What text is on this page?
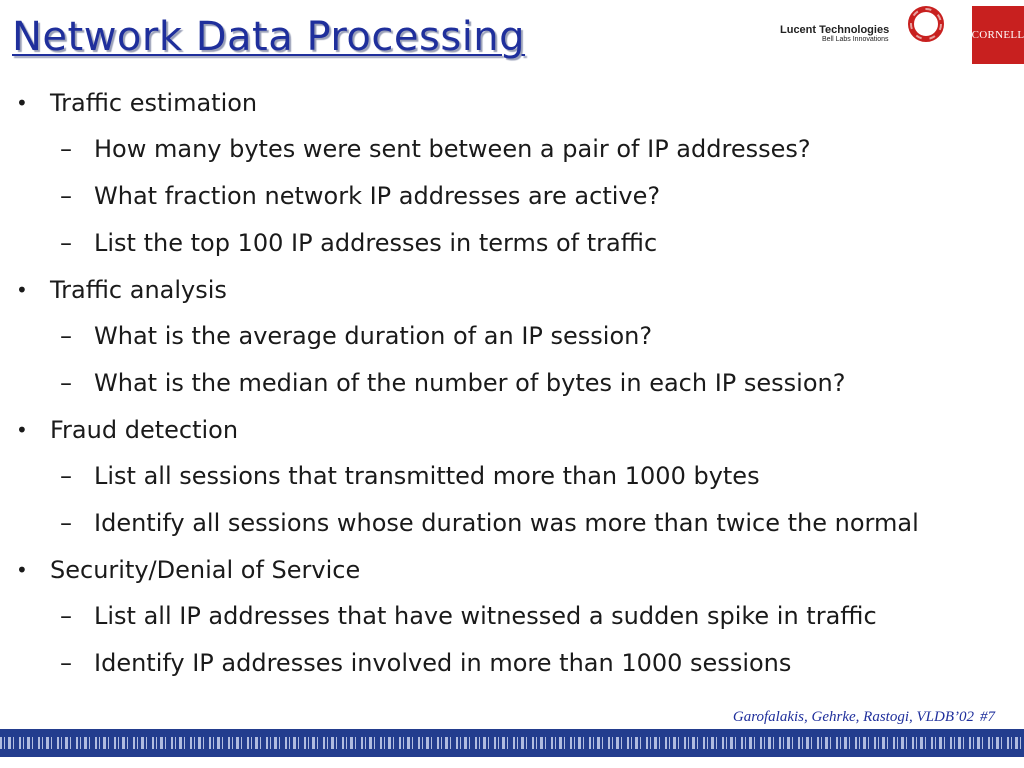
Network Data Processing	Lucent Technologies
Bell Labs Innovations	CORNELL
• Traffic estimation
– How many bytes were sent between a pair of IP addresses?
– What fraction network IP addresses are active?
– List the top 100 IP addresses in terms of traffic
• Traffic analysis
– What is the average duration of an IP session?
– What is the median of the number of bytes in each IP session?
• Fraud detection
– List all sessions that transmitted more than 1000 bytes
– Identify all sessions whose duration was more than twice the normal
• Security/Denial of Service
– List all IP addresses that have witnessed a sudden spike in traffic
– Identify IP addresses involved in more than 1000 sessions
Garofalakis, Gehrke, Rastogi, VLDB’02 #7
